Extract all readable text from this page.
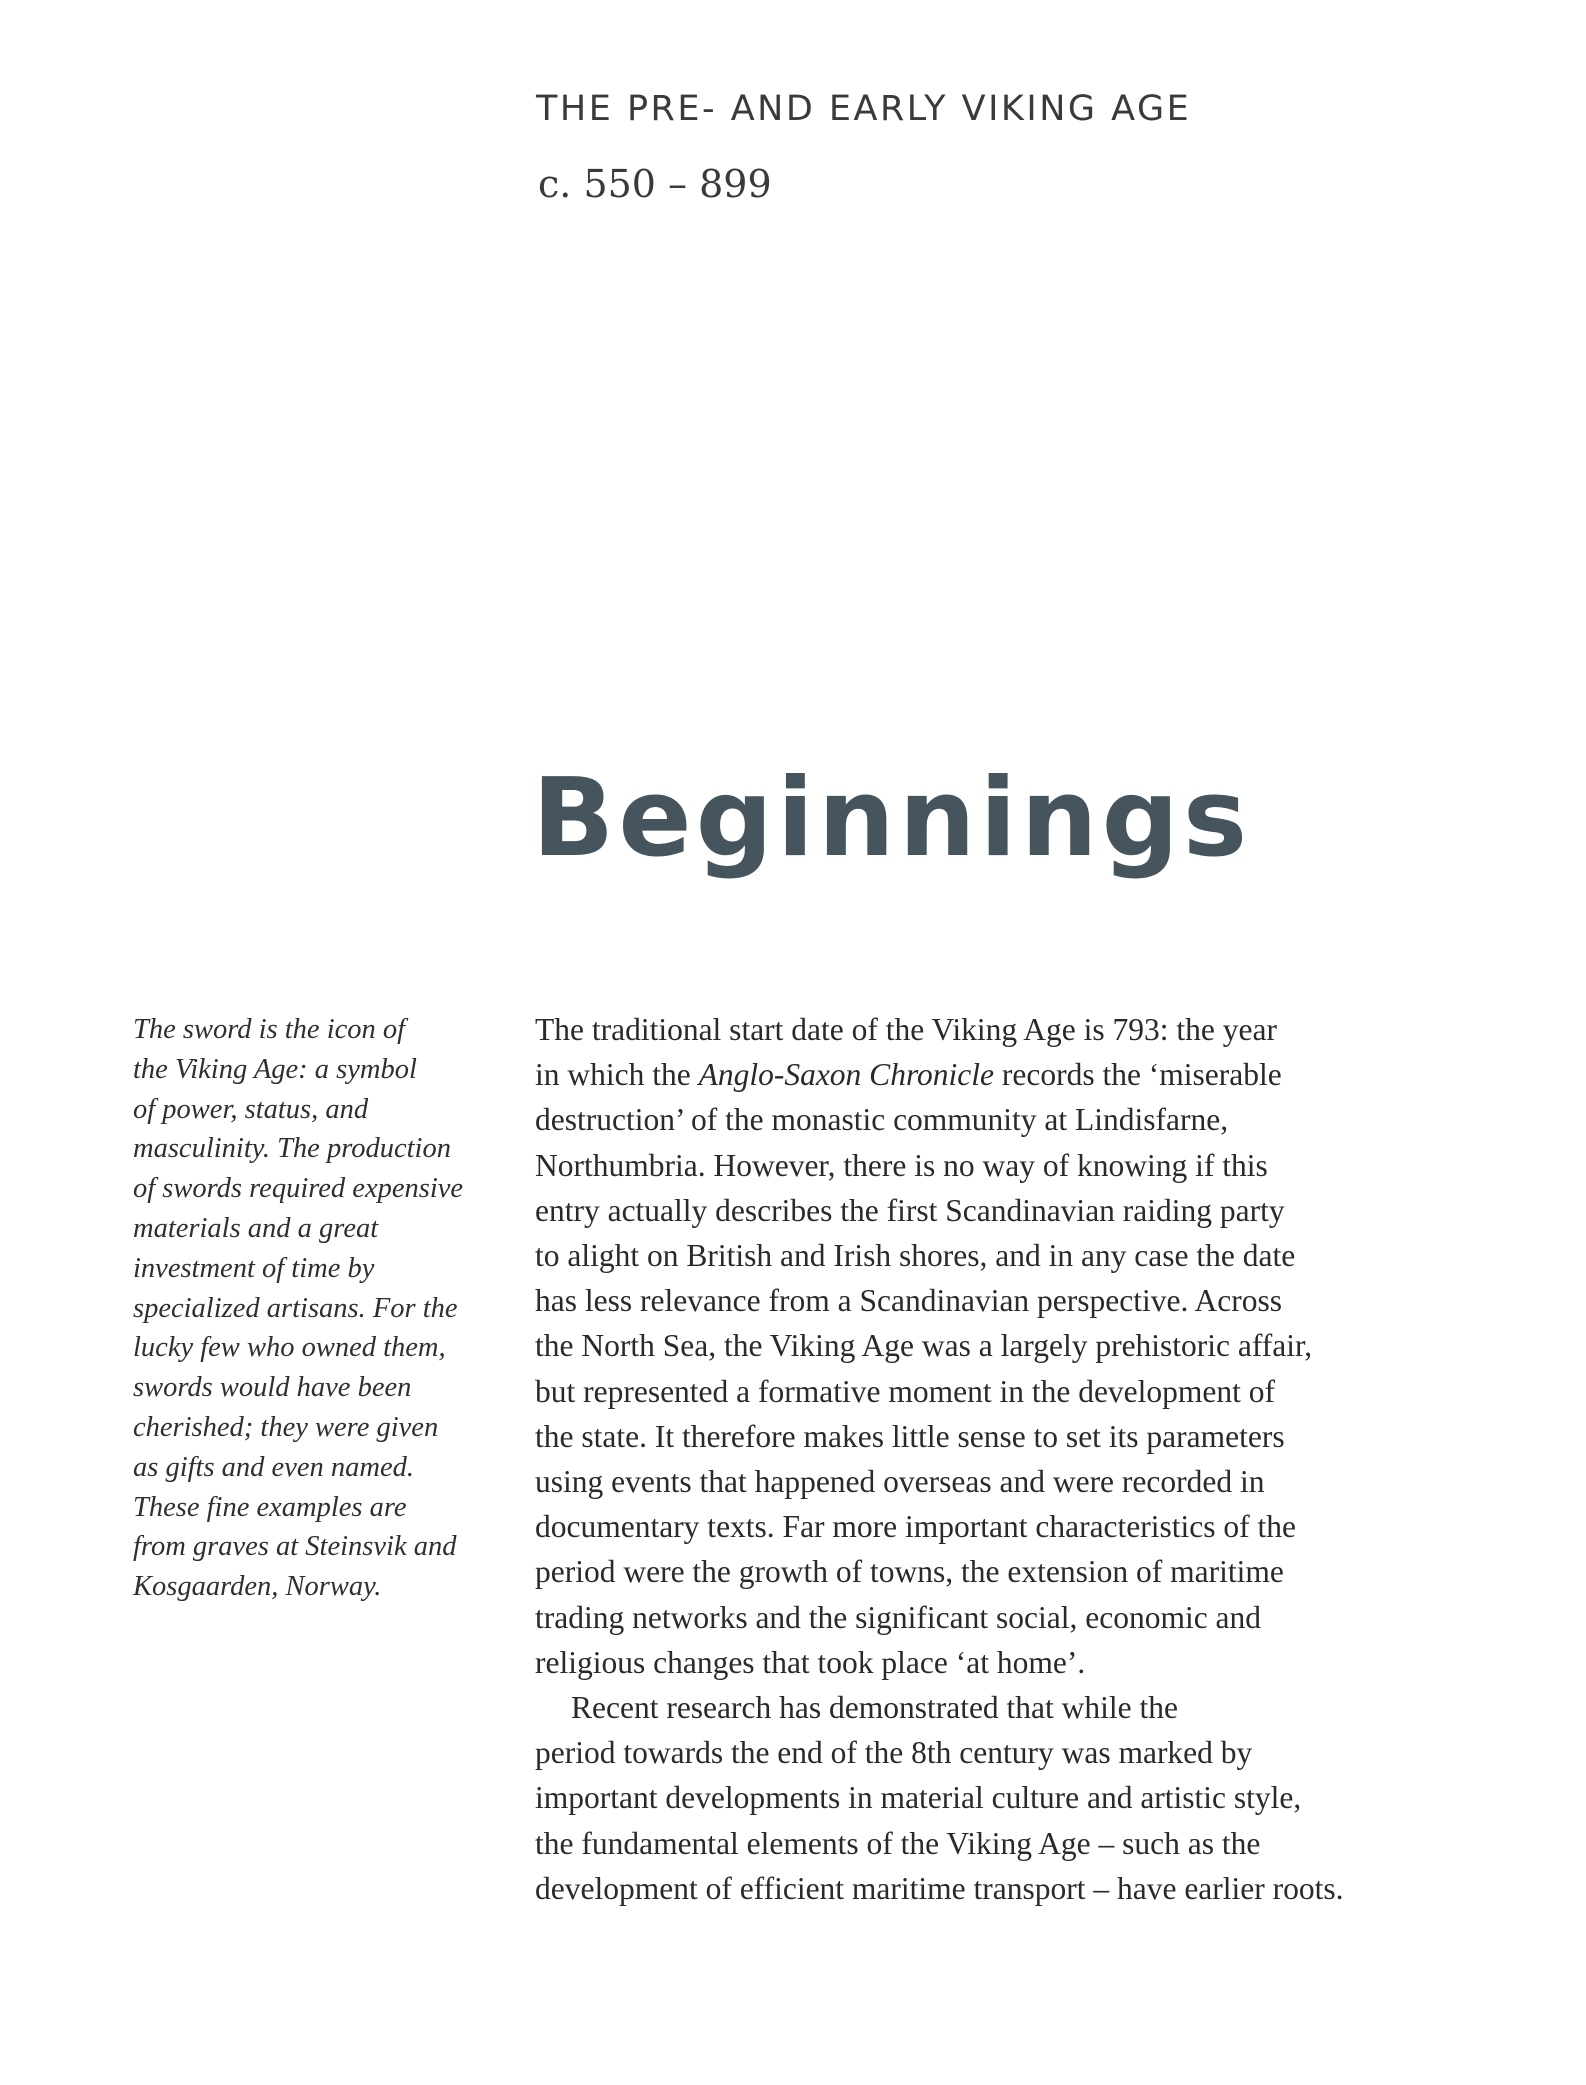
THE PRE- AND EARLY VIKING AGE
c. 550 – 899
Beginnings

The sword is the icon of
the Viking Age: a symbol
of power, status, and
masculinity. The production
of swords required expensive
materials and a great
investment of time by
specialized artisans. For the
lucky few who owned them,
swords would have been
cherished; they were given
as gifts and even named.
These fine examples are
from graves at Steinsvik and
Kosgaarden, Norway.

The traditional start date of the Viking Age is 793: the year
in which the Anglo-Saxon Chronicle records the ‘miserable
destruction’ of the monastic community at Lindisfarne,
Northumbria. However, there is no way of knowing if this
entry actually describes the first Scandinavian raiding party
to alight on British and Irish shores, and in any case the date
has less relevance from a Scandinavian perspective. Across
the North Sea, the Viking Age was a largely prehistoric affair,
but represented a formative moment in the development of
the state. It therefore makes little sense to set its parameters
using events that happened overseas and were recorded in
documentary texts. Far more important characteristics of the
period were the growth of towns, the extension of maritime
trading networks and the significant social, economic and
religious changes that took place ‘at home’.

Recent research has demonstrated that while the
period towards the end of the 8th century was marked by
important developments in material culture and artistic style,
the fundamental elements of the Viking Age – such as the
development of efficient maritime transport – have earlier roots.
